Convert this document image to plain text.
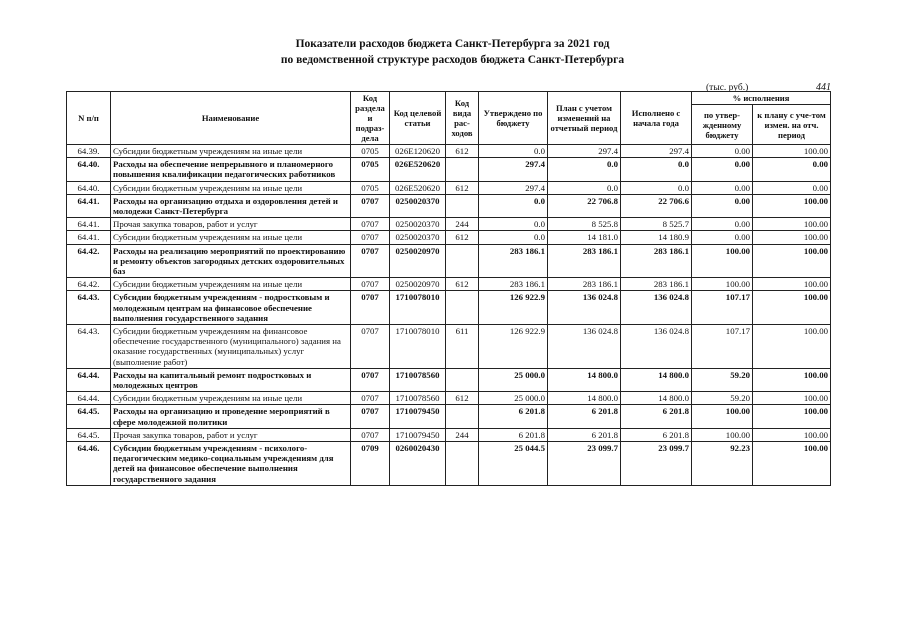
Показатели расходов бюджета Санкт-Петербурга за 2021 год
по ведомственной структуре расходов бюджета Санкт-Петербурга
(тыс. руб.)	441
N п/п	Наименование	Код раздела и подраз-дела	Код целевой статьи	Код вида рас-ходов	Утверждено по бюджету	План с учетом изменений на отчетный период	Исполнено с начала года	% исполнения	
								по утвер-жденному бюджету	к плану с уче-том измен. на отч. период
64.39.	Субсидии бюджетным учреждениям на иные цели	0705	026Е120620	612	0.0	297.4	297.4	0.00	100.00
64.40.	Расходы на обеспечение непрерывного и планомерного повышения квалификации педагогических работников	0705	026Е520620		297.4	0.0	0.0	0.00	0.00
64.40.	Субсидии бюджетным учреждениям на иные цели	0705	026Е520620	612	297.4	0.0	0.0	0.00	0.00
64.41.	Расходы на организацию отдыха и оздоровления детей и молодежи Санкт-Петербурга	0707	0250020370		0.0	22 706.8	22 706.6	0.00	100.00
64.41.	Прочая закупка товаров, работ и услуг	0707	0250020370	244	0.0	8 525.8	8 525.7	0.00	100.00
64.41.	Субсидии бюджетным учреждениям на иные цели	0707	0250020370	612	0.0	14 181.0	14 180.9	0.00	100.00
64.42.	Расходы на реализацию мероприятий по проектированию и ремонту объектов загородных детских оздоровительных баз	0707	0250020970		283 186.1	283 186.1	283 186.1	100.00	100.00
64.42.	Субсидии бюджетным учреждениям на иные цели	0707	0250020970	612	283 186.1	283 186.1	283 186.1	100.00	100.00
64.43.	Субсидии бюджетным учреждениям - подростковым и молодежным центрам на финансовое обеспечение выполнения государственного задания	0707	1710078010		126 922.9	136 024.8	136 024.8	107.17	100.00
64.43.	Субсидии бюджетным учреждениям на финансовое обеспечение государственного (муниципального) задания на оказание государственных (муниципальных) услуг (выполнение работ)	0707	1710078010	611	126 922.9	136 024.8	136 024.8	107.17	100.00
64.44.	Расходы на капитальный ремонт подростковых и молодежных центров	0707	1710078560		25 000.0	14 800.0	14 800.0	59.20	100.00
64.44.	Субсидии бюджетным учреждениям на иные цели	0707	1710078560	612	25 000.0	14 800.0	14 800.0	59.20	100.00
64.45.	Расходы на организацию и проведение мероприятий в сфере молодежной политики	0707	1710079450		6 201.8	6 201.8	6 201.8	100.00	100.00
64.45.	Прочая закупка товаров, работ и услуг	0707	1710079450	244	6 201.8	6 201.8	6 201.8	100.00	100.00
64.46.	Субсидии бюджетным учреждениям - психолого-педагогическим медико-социальным учреждениям для детей на финансовое обеспечение выполнения государственного задания	0709	0260020430		25 044.5	23 099.7	23 099.7	92.23	100.00
